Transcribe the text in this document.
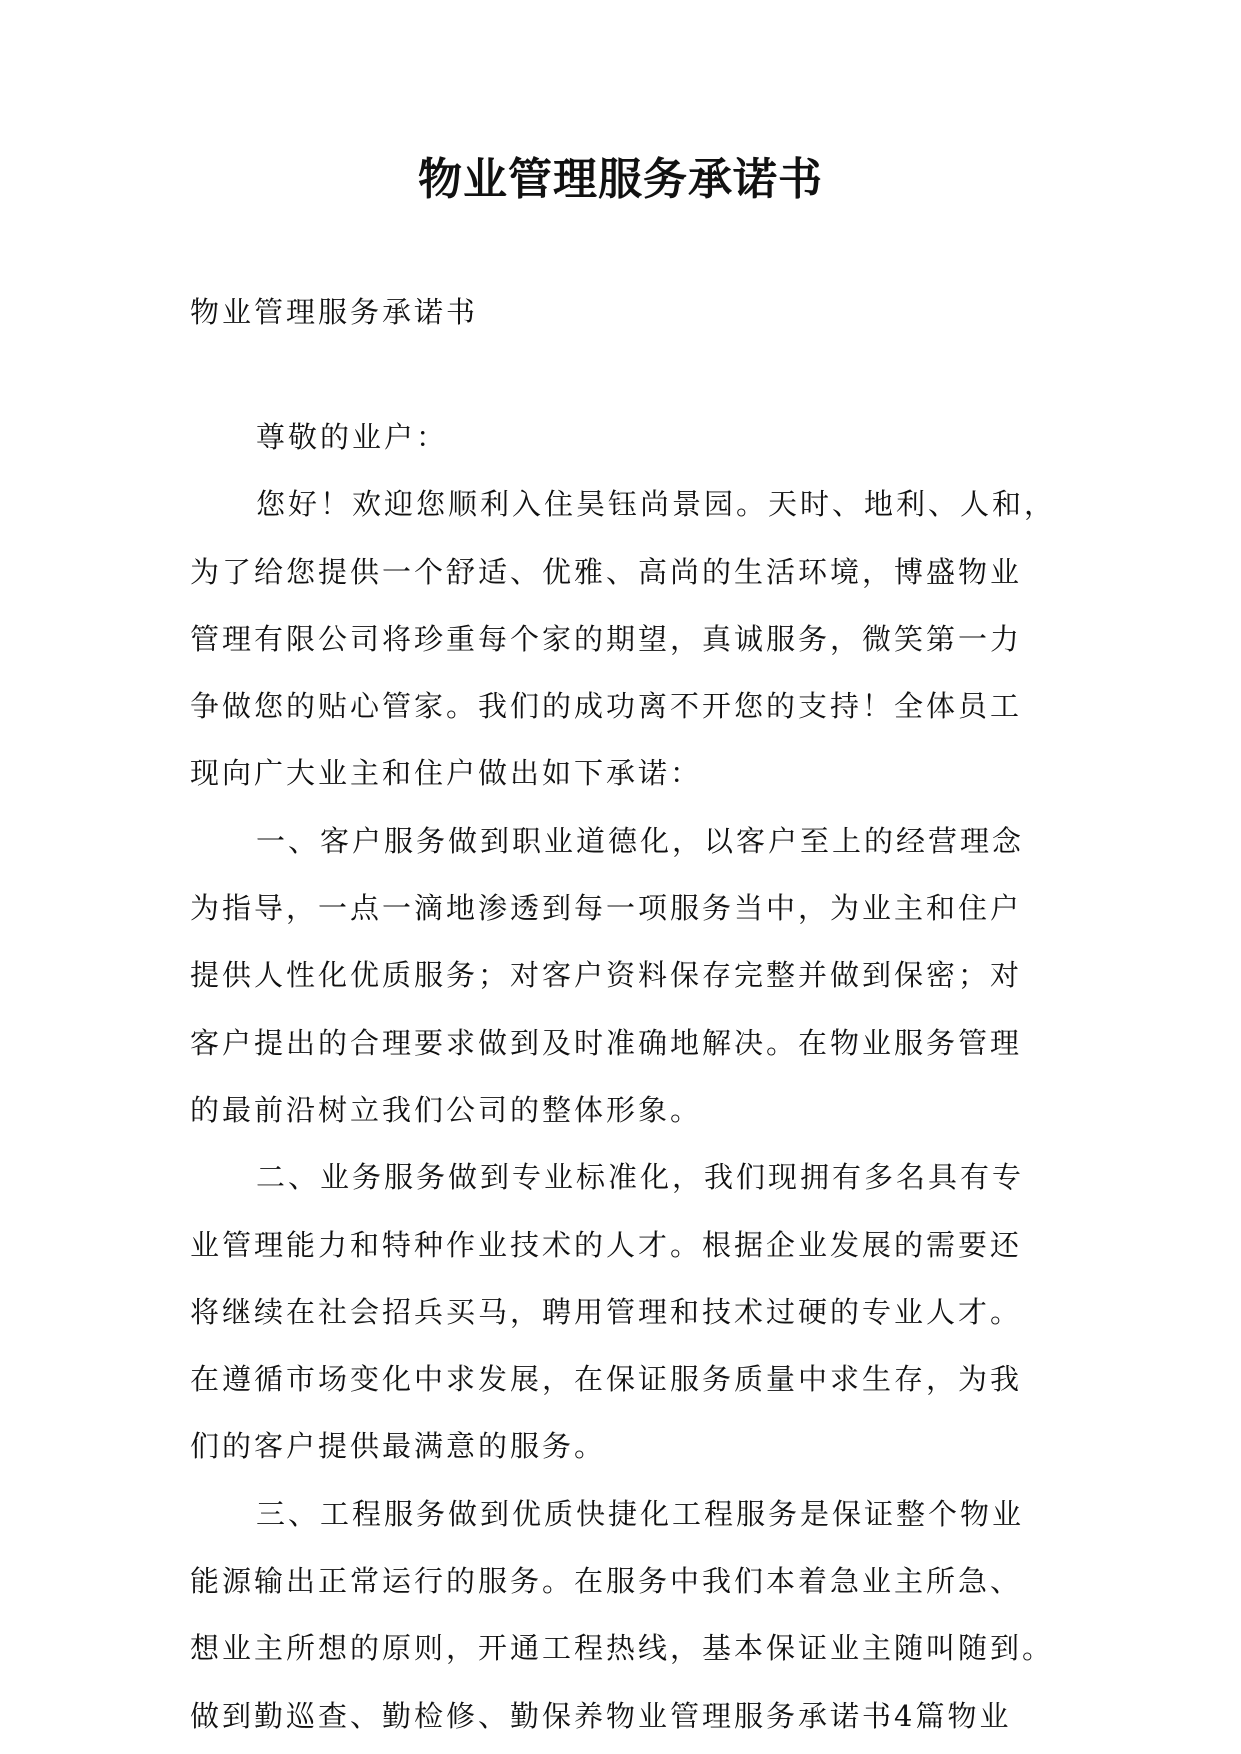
物业管理服务承诺书

物业管理服务承诺书

尊敬的业户：
您好！欢迎您顺利入住昊钰尚景园。天时、地利、人和，
为了给您提供一个舒适、优雅、高尚的生活环境，博盛物业
管理有限公司将珍重每个家的期望，真诚服务，微笑第一力
争做您的贴心管家。我们的成功离不开您的支持！全体员工
现向广大业主和住户做出如下承诺：
一、客户服务做到职业道德化，以客户至上的经营理念
为指导，一点一滴地渗透到每一项服务当中，为业主和住户
提供人性化优质服务；对客户资料保存完整并做到保密；对
客户提出的合理要求做到及时准确地解决。在物业服务管理
的最前沿树立我们公司的整体形象。
二、业务服务做到专业标准化，我们现拥有多名具有专
业管理能力和特种作业技术的人才。根据企业发展的需要还
将继续在社会招兵买马，聘用管理和技术过硬的专业人才。
在遵循市场变化中求发展，在保证服务质量中求生存，为我
们的客户提供最满意的服务。
三、工程服务做到优质快捷化工程服务是保证整个物业
能源输出正常运行的服务。在服务中我们本着急业主所急、
想业主所想的原则，开通工程热线，基本保证业主随叫随到。
做到勤巡查、勤检修、勤保养物业管理服务承诺书4篇物业
